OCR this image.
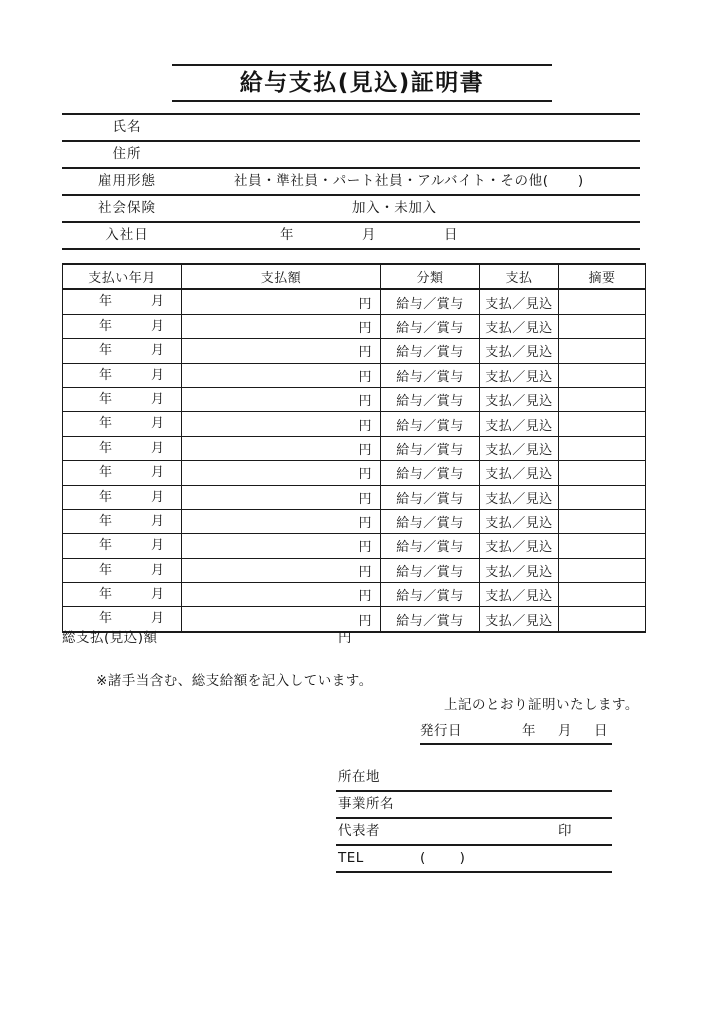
給与支払(見込)証明書
氏名
住所
雇用形態	社員・準社員・パート社員・アルバイト・その他(      )
社会保険	加入・未加入
入社日	年	月	日
支払い年月	支払額	分類	支払	摘要

年 月	円	給与／賞与	支払／見込	

年 月	円	給与／賞与	支払／見込	

年 月	円	給与／賞与	支払／見込	

年 月	円	給与／賞与	支払／見込	

年 月	円	給与／賞与	支払／見込	

年 月	円	給与／賞与	支払／見込	

年 月	円	給与／賞与	支払／見込	

年 月	円	給与／賞与	支払／見込	

年 月	円	給与／賞与	支払／見込	

年 月	円	給与／賞与	支払／見込	

年 月	円	給与／賞与	支払／見込	

年 月	円	給与／賞与	支払／見込	

年 月	円	給与／賞与	支払／見込	

年 月	円	給与／賞与	支払／見込	
総支払(見込)額	円
※諸手当含む、総支給額を記入しています。
上記のとおり証明いたします。
発行日	年 月 日
所在地
事業所名
代表者	印
TEL	(        )
